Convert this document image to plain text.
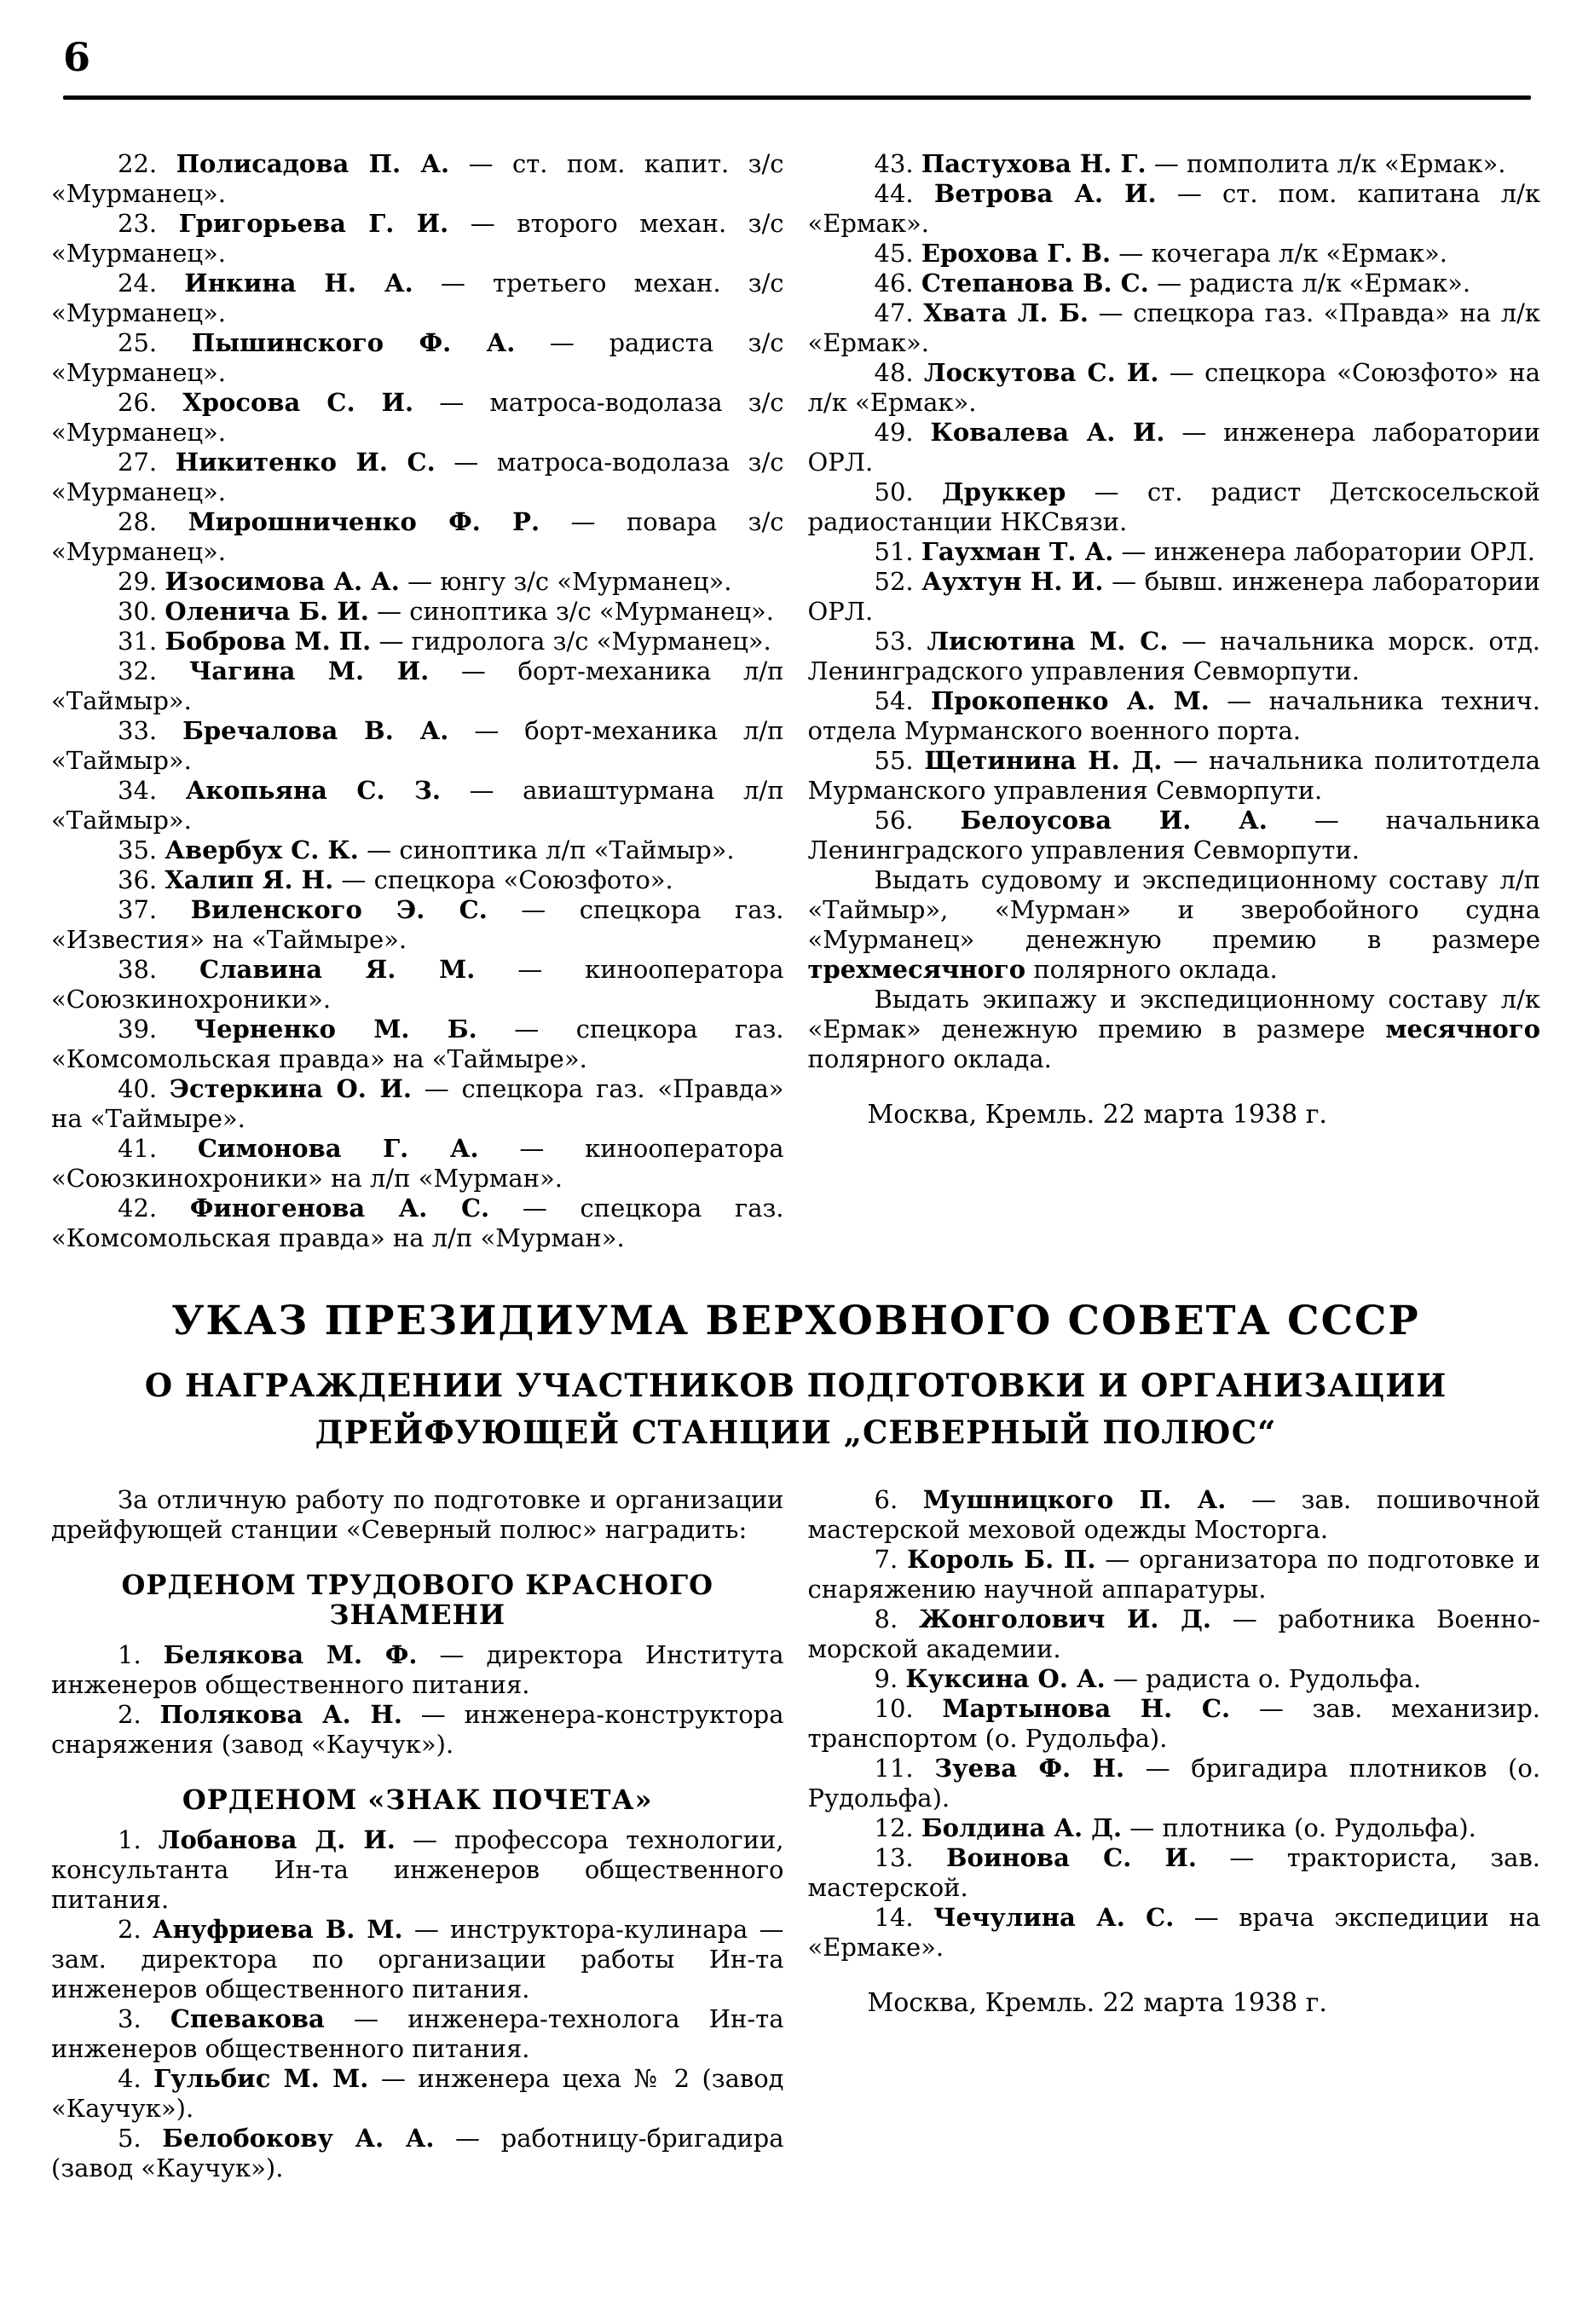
6

22. Полисадова П. А. — ст. пом. капит. з/с «Мурманец».

23. Григорьева Г. И. — второго механ. з/с «Мурманец».

24. Инкина Н. А. — третьего механ. з/с «Мурманец».

25. Пышинского Ф. А. — радиста з/с «Мурманец».

26. Хросова С. И. — матроса-водолаза з/с «Мурманец».

27. Никитенко И. С. — матроса-водолаза з/с «Мурманец».

28. Мирошниченко Ф. Р. — повара з/с «Мурманец».

29. Изосимова А. А. — юнгу з/с «Мурманец».

30. Оленича Б. И. — синоптика з/с «Мурманец».

31. Боброва М. П. — гидролога з/с «Мурманец».

32. Чагина М. И. — борт-механика л/п «Таймыр».

33. Бречалова В. А. — борт-механика л/п «Таймыр».

34. Акопьяна С. З. — авиаштурмана л/п «Таймыр».

35. Авербух С. К. — синоптика л/п «Таймыр».

36. Халип Я. Н. — спецкора «Союзфото».

37. Виленского Э. С. — спецкора газ. «Известия» на «Таймыре».

38. Славина Я. М. — кинооператора «Союзкинохроники».

39. Черненко М. Б. — спецкора газ. «Комсомольская правда» на «Таймыре».

40. Эстеркина О. И. — спецкора газ. «Правда» на «Таймыре».

41. Симонова Г. А. — кинооператора «Союзкинохроники» на л/п «Мурман».

42. Финогенова А. С. — спецкора газ. «Комсомольская правда» на л/п «Мурман».

43. Пастухова Н. Г. — помполита л/к «Ермак».

44. Ветрова А. И. — ст. пом. капитана л/к «Ермак».

45. Ерохова Г. В. — кочегара л/к «Ермак».

46. Степанова В. С. — радиста л/к «Ермак».

47. Хвата Л. Б. — спецкора газ. «Правда» на л/к «Ермак».

48. Лоскутова С. И. — спецкора «Союзфото» на л/к «Ермак».

49. Ковалева А. И. — инженера лаборатории ОРЛ.

50. Друккер — ст. радист Детскосельской радиостанции НКСвязи.

51. Гаухман Т. А. — инженера лаборатории ОРЛ.

52. Аухтун Н. И. — бывш. инженера лаборатории ОРЛ.

53. Лисютина М. С. — начальника морск. отд. Ленинградского управления Севморпути.

54. Прокопенко А. М. — начальника технич. отдела Мурманского военного порта.

55. Щетинина Н. Д. — начальника политотдела Мурманского управления Севморпути.

56. Белоусова И. А. — начальника Ленинградского управления Севморпути.

Выдать судовому и экспедиционному составу л/п «Таймыр», «Мурман» и зверобойного судна «Мурманец» денежную премию в размере трехмесячного полярного оклада.

Выдать экипажу и экспедиционному составу л/к «Ермак» денежную премию в размере месячного полярного оклада.

Москва, Кремль. 22 марта 1938 г.

УКАЗ ПРЕЗИДИУМА ВЕРХОВНОГО СОВЕТА СССР
О НАГРАЖДЕНИИ УЧАСТНИКОВ ПОДГОТОВКИ И ОРГАНИЗАЦИИ
ДРЕЙФУЮЩЕЙ СТАНЦИИ „СЕВЕРНЫЙ ПОЛЮС“

За отличную работу по подготовке и организации дрейфующей станции «Северный полюс» наградить:

ОРДЕНОМ ТРУДОВОГО КРАСНОГО ЗНАМЕНИ

1. Белякова М. Ф. — директора Института инженеров общественного питания.

2. Полякова А. Н. — инженера-конструктора снаряжения (завод «Каучук»).

ОРДЕНОМ «ЗНАК ПОЧЕТА»

1. Лобанова Д. И. — профессора технологии, консультанта Ин-та инженеров общественного питания.

2. Ануфриева В. М. — инструктора-кулинара — зам. директора по организации работы Ин-та инженеров общественного питания.

3. Спевакова — инженера-технолога Ин-та инженеров общественного питания.

4. Гульбис М. М. — инженера цеха № 2 (завод «Каучук»).

5. Белобокову А. А. — работницу-бригадира (завод «Каучук»).

6. Мушницкого П. А. — зав. пошивочной мастерской меховой одежды Мосторга.

7. Король Б. П. — организатора по подготовке и снаряжению научной аппаратуры.

8. Жонголович И. Д. — работника Военно-морской академии.

9. Куксина О. А. — радиста о. Рудольфа.

10. Мартынова Н. С. — зав. механизир. транспортом (о. Рудольфа).

11. Зуева Ф. Н. — бригадира плотников (о. Рудольфа).

12. Болдина А. Д. — плотника (о. Рудольфа).

13. Воинова С. И. — тракториста, зав. мастерской.

14. Чечулина А. С. — врача экспедиции на «Ермаке».

Москва, Кремль. 22 марта 1938 г.
